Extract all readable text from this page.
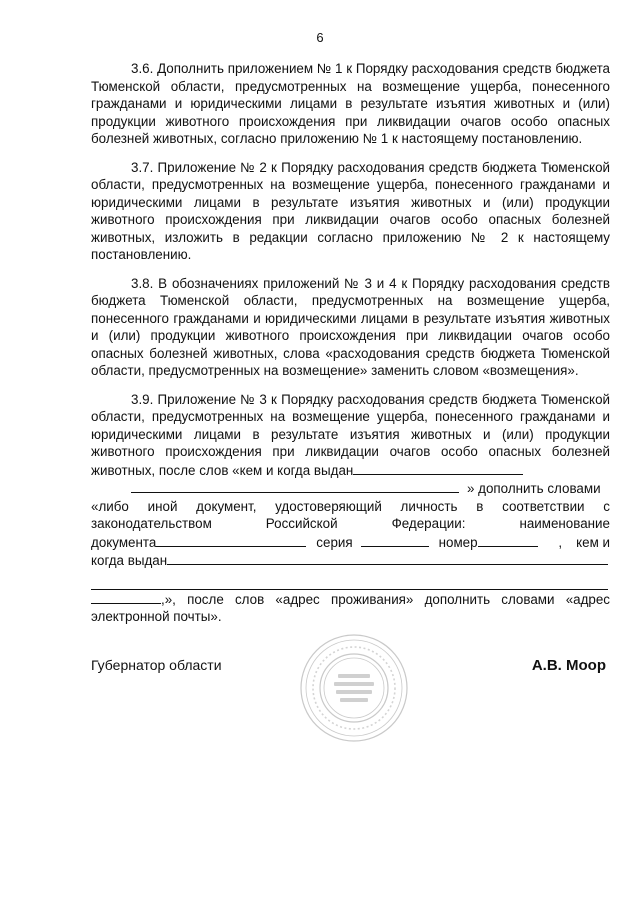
6

3.6. Дополнить приложением № 1 к Порядку расходования средств бюджета Тюменской области, предусмотренных на возмещение ущерба, понесенного гражданами и юридическими лицами в результате изъятия животных и (или) продукции животного происхождения при ликвидации очагов особо опасных болезней животных, согласно приложению № 1 к настоящему постановлению.

3.7. Приложение № 2 к Порядку расходования средств бюджета Тюменской области, предусмотренных на возмещение ущерба, понесенного гражданами и юридическими лицами в результате изъятия животных и (или) продукции животного происхождения при ликвидации очагов особо опасных болезней животных, изложить в редакции согласно приложению № 2 к настоящему постановлению.

3.8. В обозначениях приложений № 3 и 4 к Порядку расходования средств бюджета Тюменской области, предусмотренных на возмещение ущерба, понесенного гражданами и юридическими лицами в результате изъятия животных и (или) продукции животного происхождения при ликвидации очагов особо опасных болезней животных, слова «расходования средств бюджета Тюменской области, предусмотренных на возмещение» заменить словом «возмещения».

3.9. Приложение № 3 к Порядку расходования средств бюджета Тюменской области, предусмотренных на возмещение ущерба, понесенного гражданами и юридическими лицами в результате изъятия животных и (или) продукции животного происхождения при ликвидации очагов особо опасных болезней животных, после слов «кем и когда выдан

» дополнить словами
«либо иной документ, удостоверяющий личность в соответствии с
законодательством Российской Федерации: наименование
документа	серия	номер	, кем и
когда выдан
,», после слов «адрес проживания» дополнить словами «адрес
электронной почты».
Губернатор области	А.В. Моор
